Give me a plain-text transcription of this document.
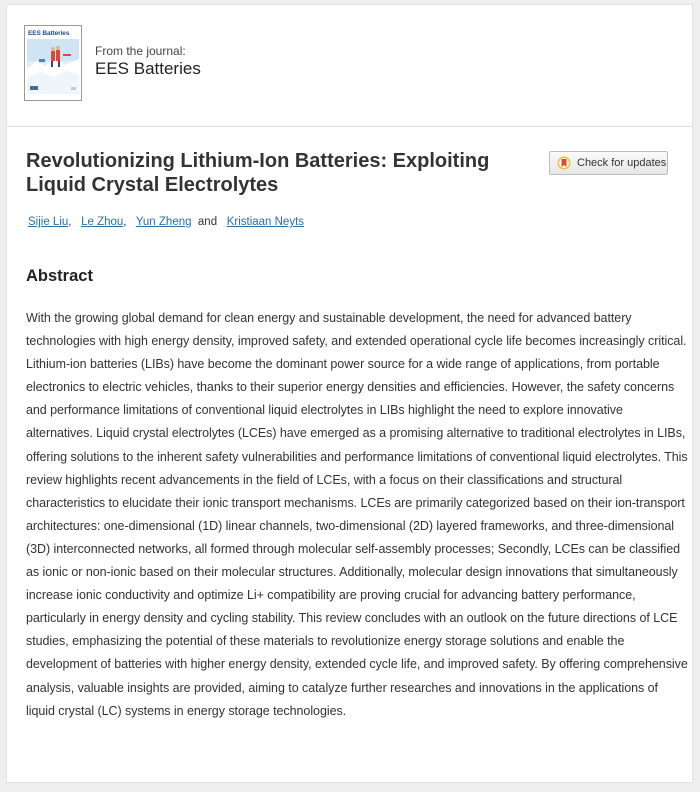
EES Batteries
From the journal:
EES Batteries
Revolutionizing Lithium-Ion Batteries: Exploiting Liquid Crystal Electrolytes
Check for updates
Sijie Liu, Le Zhou, Yun Zheng and Kristiaan Neyts
Abstract

With the growing global demand for clean energy and sustainable development, the need for advanced battery technologies with high energy density, improved safety, and extended operational cycle life becomes increasingly critical. Lithium-ion batteries (LIBs) have become the dominant power source for a wide range of applications, from portable electronics to electric vehicles, thanks to their superior energy densities and efficiencies. However, the safety concerns and performance limitations of conventional liquid electrolytes in LIBs highlight the need to explore innovative alternatives. Liquid crystal electrolytes (LCEs) have emerged as a promising alternative to traditional electrolytes in LIBs, offering solutions to the inherent safety vulnerabilities and performance limitations of conventional liquid electrolytes. This review highlights recent advancements in the field of LCEs, with a focus on their classifications and structural characteristics to elucidate their ionic transport mechanisms. LCEs are primarily categorized based on their ion-transport architectures: one-dimensional (1D) linear channels, two-dimensional (2D) layered frameworks, and three-dimensional (3D) interconnected networks, all formed through molecular self-assembly processes; Secondly, LCEs can be classified as ionic or non-ionic based on their molecular structures. Additionally, molecular design innovations that simultaneously increase ionic conductivity and optimize Li+ compatibility are proving crucial for advancing battery performance, particularly in energy density and cycling stability. This review concludes with an outlook on the future directions of LCE studies, emphasizing the potential of these materials to revolutionize energy storage solutions and enable the development of batteries with higher energy density, extended cycle life, and improved safety. By offering comprehensive analysis, valuable insights are provided, aiming to catalyze further researches and innovations in the applications of liquid crystal (LC) systems in energy storage technologies.
